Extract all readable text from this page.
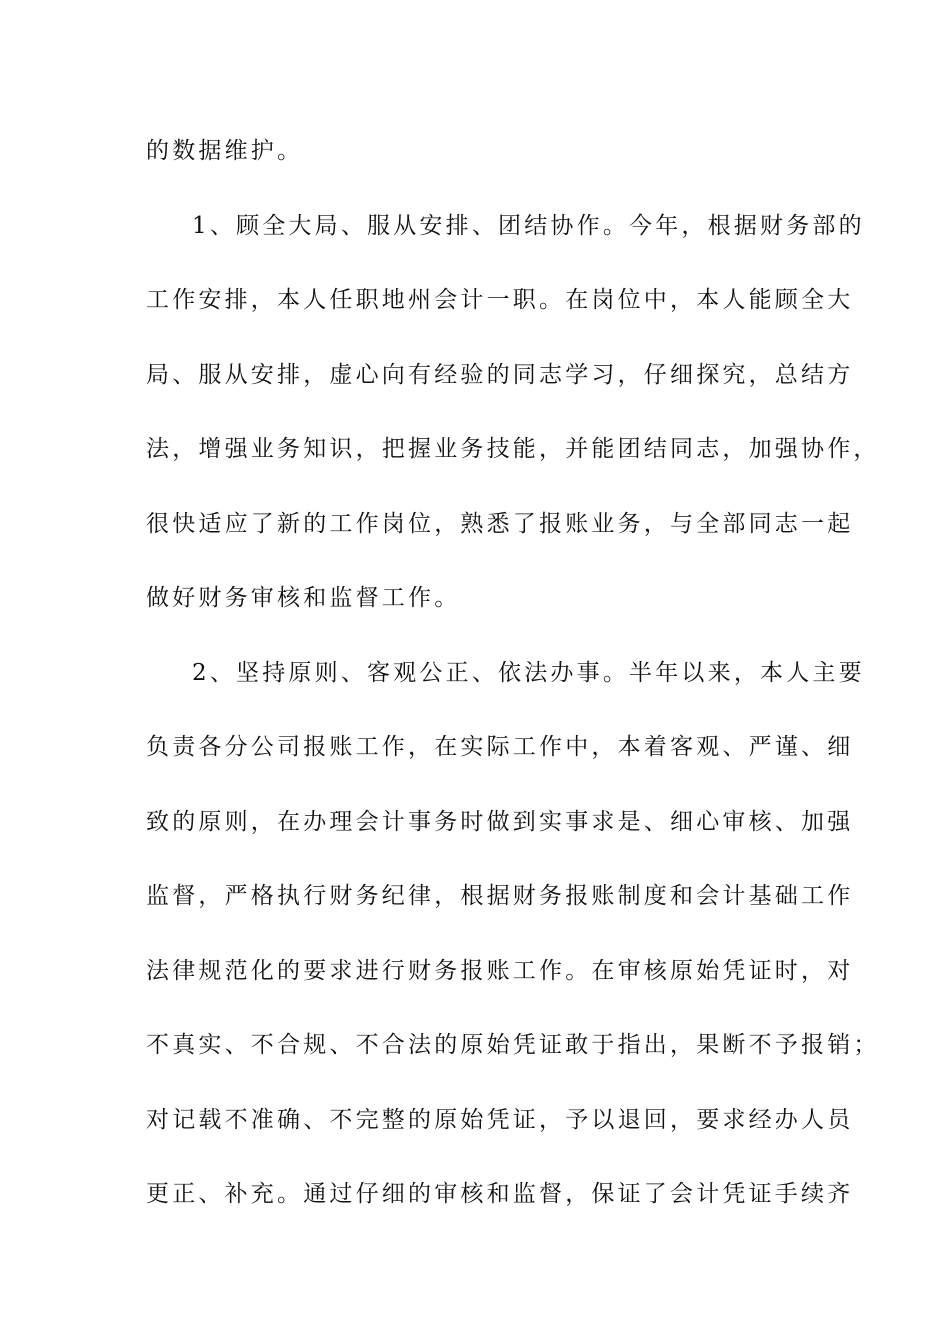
的数据维护。
1、顾全大局、服从安排、团结协作。今年，根据财务部的
工作安排，本人任职地州会计一职。在岗位中，本人能顾全大
局、服从安排，虚心向有经验的同志学习，仔细探究，总结方
法，增强业务知识，把握业务技能，并能团结同志，加强协作，
很快适应了新的工作岗位，熟悉了报账业务，与全部同志一起
做好财务审核和监督工作。
2、坚持原则、客观公正、依法办事。半年以来，本人主要
负责各分公司报账工作，在实际工作中，本着客观、严谨、细
致的原则，在办理会计事务时做到实事求是、细心审核、加强
监督，严格执行财务纪律，根据财务报账制度和会计基础工作
法律规范化的要求进行财务报账工作。在审核原始凭证时，对
不真实、不合规、不合法的原始凭证敢于指出，果断不予报销；
对记载不准确、不完整的原始凭证，予以退回，要求经办人员
更正、补充。通过仔细的审核和监督，保证了会计凭证手续齐
